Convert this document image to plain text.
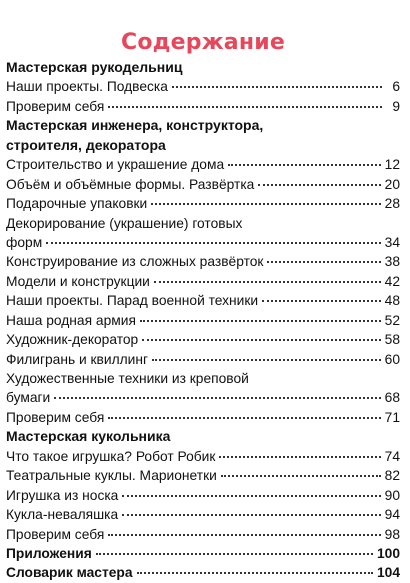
Содержание
Мастерская рукодельниц
Наши проекты. Подвеска	6
Проверим себя	9
Мастерская инженера, конструктора,
строителя, декоратора
Строительство и украшение дома	12
Объём и объёмные формы. Развёртка	20
Подарочные упаковки	28
Декорирование (украшение) готовых
форм	34
Конструирование из сложных развёрток	38
Модели и конструкции	42
Наши проекты. Парад военной техники	48
Наша родная армия	52
Художник-декоратор	58
Филигрань и квиллинг	60
Художественные техники из креповой
бумаги	68
Проверим себя	71
Мастерская кукольника
Что такое игрушка? Робот Робик	74
Театральные куклы. Марионетки	82
Игрушка из носка	90
Кукла-неваляшка	94
Проверим себя	98
Приложения	100
Словарик мастера	104
